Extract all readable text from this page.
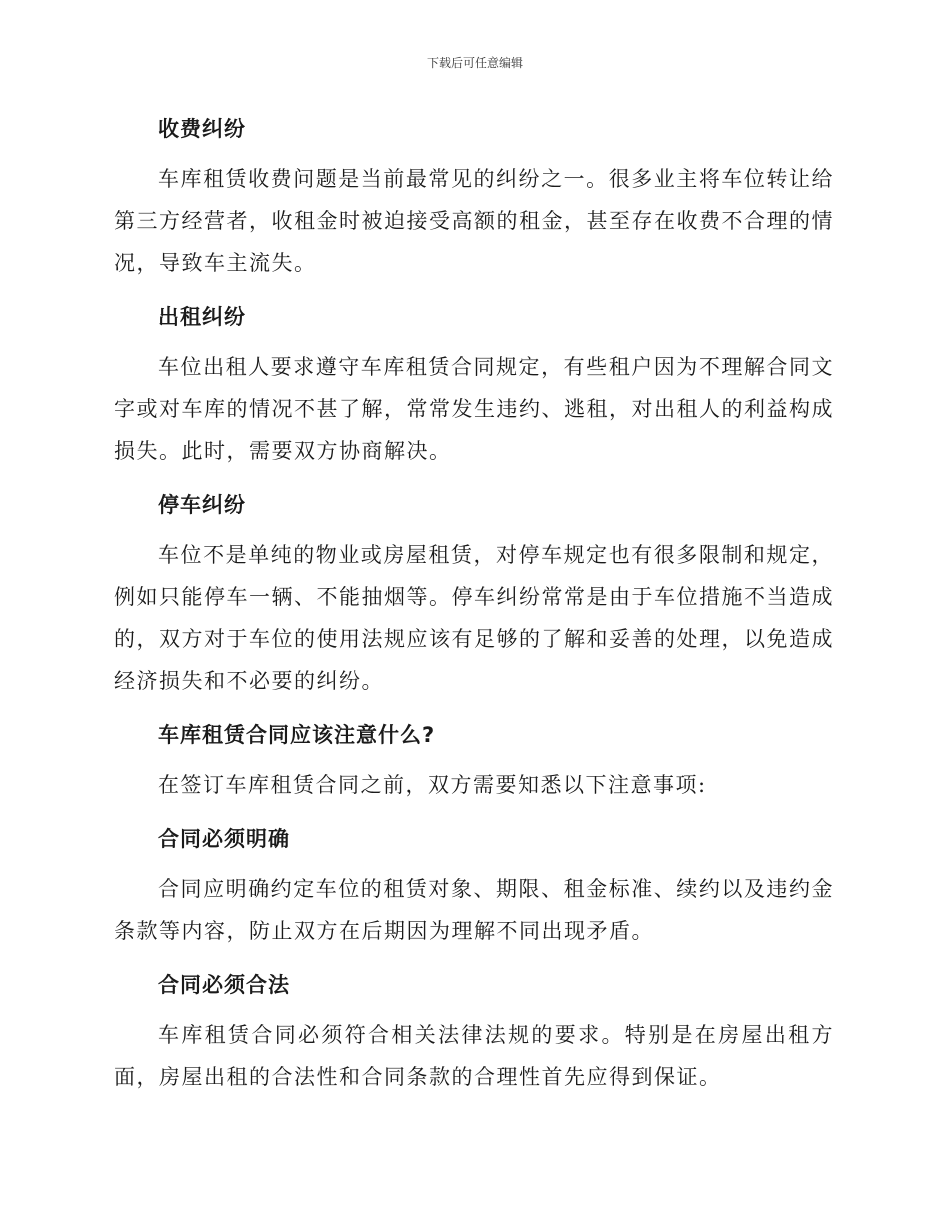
下载后可任意编辑
收费纠纷

车库租赁收费问题是当前最常见的纠纷之一。很多业主将车位转让给第三方经营者，收租金时被迫接受高额的租金，甚至存在收费不合理的情况，导致车主流失。

出租纠纷

车位出租人要求遵守车库租赁合同规定，有些租户因为不理解合同文字或对车库的情况不甚了解，常常发生违约、逃租，对出租人的利益构成损失。此时，需要双方协商解决。

停车纠纷

车位不是单纯的物业或房屋租赁，对停车规定也有很多限制和规定，例如只能停车一辆、不能抽烟等。停车纠纷常常是由于车位措施不当造成的，双方对于车位的使用法规应该有足够的了解和妥善的处理，以免造成经济损失和不必要的纠纷。

车库租赁合同应该注意什么?

在签订车库租赁合同之前，双方需要知悉以下注意事项:

合同必须明确

合同应明确约定车位的租赁对象、期限、租金标准、续约以及违约金条款等内容，防止双方在后期因为理解不同出现矛盾。

合同必须合法

车库租赁合同必须符合相关法律法规的要求。特别是在房屋出租方面，房屋出租的合法性和合同条款的合理性首先应得到保证。
